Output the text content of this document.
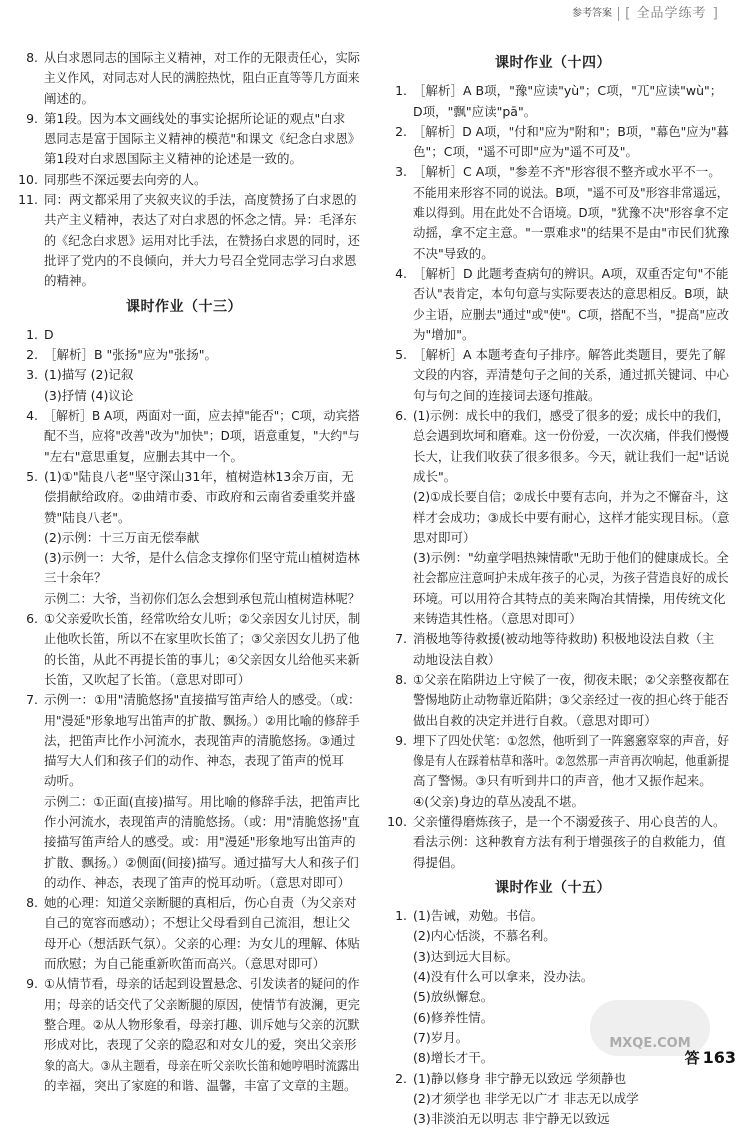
参考答案 [ 全品学练考 ]
8. 从白求恩同志的国际主义精神，对工作的无限责任心，实际
主义作风，对同志对人民的满腔热忱，阻白正直等等几方面来
阐述的。
9. 第1段。因为本文画线处的事实论据所论证的观点"白求
恩同志是富于国际主义精神的模范"和课文《纪念白求恩》
第1段对白求恩国际主义精神的论述是一致的。
10. 同那些不深远要去向旁的人。
11. 同：两文都采用了夹叙夹议的手法，高度赞扬了白求恩的
共产主义精神，表达了对白求恩的怀念之情。异：毛泽东
的《纪念白求恩》运用对比手法，在赞扬白求恩的同时，还
批评了党内的不良倾向，并大力号召全党同志学习白求恩
的精神。
课时作业（十三）
1. D
2. ［解析］B "张扬"应为"张扬"。
3. (1)描写 (2)记叙
(3)抒情 (4)议论
4. ［解析］B A项，两面对一面，应去掉"能否"；C项，动宾搭
配不当，应将"改善"改为"加快"；D项，语意重复，"大约"与
"左右"意思重复，应删去其中一个。
5. (1)①"陆良八老"坚守深山31年，植树造林13余万亩，无
偿捐献给政府。②曲靖市委、市政府和云南省委重奖并盛
赞"陆良八老"。
(2)示例：十三万亩无偿奉献
(3)示例一：大爷，是什么信念支撑你们坚守荒山植树造林
三十余年？
示例二：大爷，当初你们怎么会想到承包荒山植树造林呢？
6. ①父亲爱吹长笛，经常吹给女儿听；②父亲因女儿讨厌，制
止他吹长笛，所以不在家里吹长笛了；③父亲因女儿扔了他
的长笛，从此不再提长笛的事儿；④父亲因女儿给他买来新
长笛，又吹起了长笛。（意思对即可）
7. 示例一：①用"清脆悠扬"直接描写笛声给人的感受。（或：
用"漫延"形象地写出笛声的扩散、飘扬。）②用比喻的修辞手
法，把笛声比作小河流水，表现笛声的清脆悠扬。③通过
描写大人们和孩子们的动作、神态，表现了笛声的悦耳
动听。
示例二：①正面(直接)描写。用比喻的修辞手法，把笛声比
作小河流水，表现笛声的清脆悠扬。（或：用"清脆悠扬"直
接描写笛声给人的感受。或：用"漫延"形象地写出笛声的
扩散、飘扬。）②侧面(间接)描写。通过描写大人和孩子们
的动作、神态，表现了笛声的悦耳动听。（意思对即可）
8. 她的心理：知道父亲断腿的真相后，伤心自责（为父亲对
自己的宽容而感动）；不想让父母看到自己流泪，想让父
母开心（想活跃气氛）。父亲的心理：为女儿的理解、体贴
而欣慰；为自己能重新吹笛而高兴。（意思对即可）
9. ①从情节看，母亲的话起到设置悬念、引发读者的疑问的作
用；母亲的话交代了父亲断腿的原因，使情节有波澜，更完
整合理。②从人物形象看，母亲打趣、训斥她与父亲的沉默
形成对比，表现了父亲的隐忍和对女儿的爱，突出父亲形
象的高大。③从主题看，母亲在听父亲吹长笛和她哼唱时流露出
的幸福，突出了家庭的和谐、温馨，丰富了文章的主题。
课时作业（十四）
1. ［解析］A B项，"豫"应读"yù"；C项，"兀"应读"wù"；
D项，"飘"应读"pā"。
2. ［解析］D A项，"付和"应为"附和"；B项，"幕色"应为"暮
色"；C项，"遥不可即"应为"遥不可及"。
3. ［解析］C A项，"参差不齐"形容很不整齐或水平不一。
不能用来形容不同的说法。B项，"遥不可及"形容非常遥远，
难以得到。用在此处不合语境。D项，"犹豫不决"形容拿不定
动摇，拿不定主意。"一票难求"的结果不是由"市民们犹豫
不决"导致的。
4. ［解析］D 此题考查病句的辨识。A项，双重否定句"不能
否认"表肯定，本句句意与实际要表达的意思相反。B项，缺
少主语，应删去"通过"或"使"。C项，搭配不当，"提高"应改
为"增加"。
5. ［解析］A 本题考查句子排序。解答此类题目，要先了解
文段的内容，弄清楚句子之间的关系，通过抓关键词、中心
句与句之间的连接词去逐句推敲。
6. (1)示例：成长中的我们，感受了很多的爱；成长中的我们，
总会遇到坎坷和磨难。这一份份爱，一次次痛，伴我们慢慢
长大，让我们收获了很多很多。今天，就让我们一起"话说
成长"。
(2)①成长要自信；②成长中要有志向，并为之不懈奋斗，这
样才会成功；③成长中要有耐心，这样才能实现目标。（意
思对即可）
(3)示例："幼童学唱热辣情歌"无助于他们的健康成长。全
社会都应注意呵护未成年孩子的心灵，为孩子营造良好的成长
环境。可以用符合其特点的美来陶冶其情操，用传统文化
来铸造其性格。（意思对即可）
7. 消极地等待救援(被动地等待救助) 积极地设法自救（主
动地设法自救）
8. ①父亲在陷阱边上守候了一夜，彻夜未眠；②父亲整夜都在
警惕地防止动物靠近陷阱；③父亲经过一夜的担心终于能否
做出自救的决定并进行自救。（意思对即可）
9. 埋下了四处伏笔：①忽然，他听到了一阵窸窸窣窣的声音，好
像是有人在踩着枯草和落叶。②忽然那一声音再次响起，他重新提
高了警惕。③只有听到井口的声音，他才又振作起来。
④(父亲)身边的草丛凌乱不堪。
10. 父亲懂得磨炼孩子，是一个不溺爱孩子、用心良苦的人。
看法示例：这种教育方法有利于增强孩子的自救能力，值
得提倡。
课时作业（十五）
1. (1)告诫，劝勉。书信。
(2)内心恬淡，不慕名利。
(3)达到远大目标。
(4)没有什么可以拿来，没办法。
(5)放纵懈怠。
(6)修养性情。
(7)岁月。
(8)增长才干。
2. (1)静以修身 非宁静无以致远 学须静也
(2)才须学也 非学无以广才 非志无以成学
(3)非淡泊无以明志 非宁静无以致远
MXQE.COM
答 163
